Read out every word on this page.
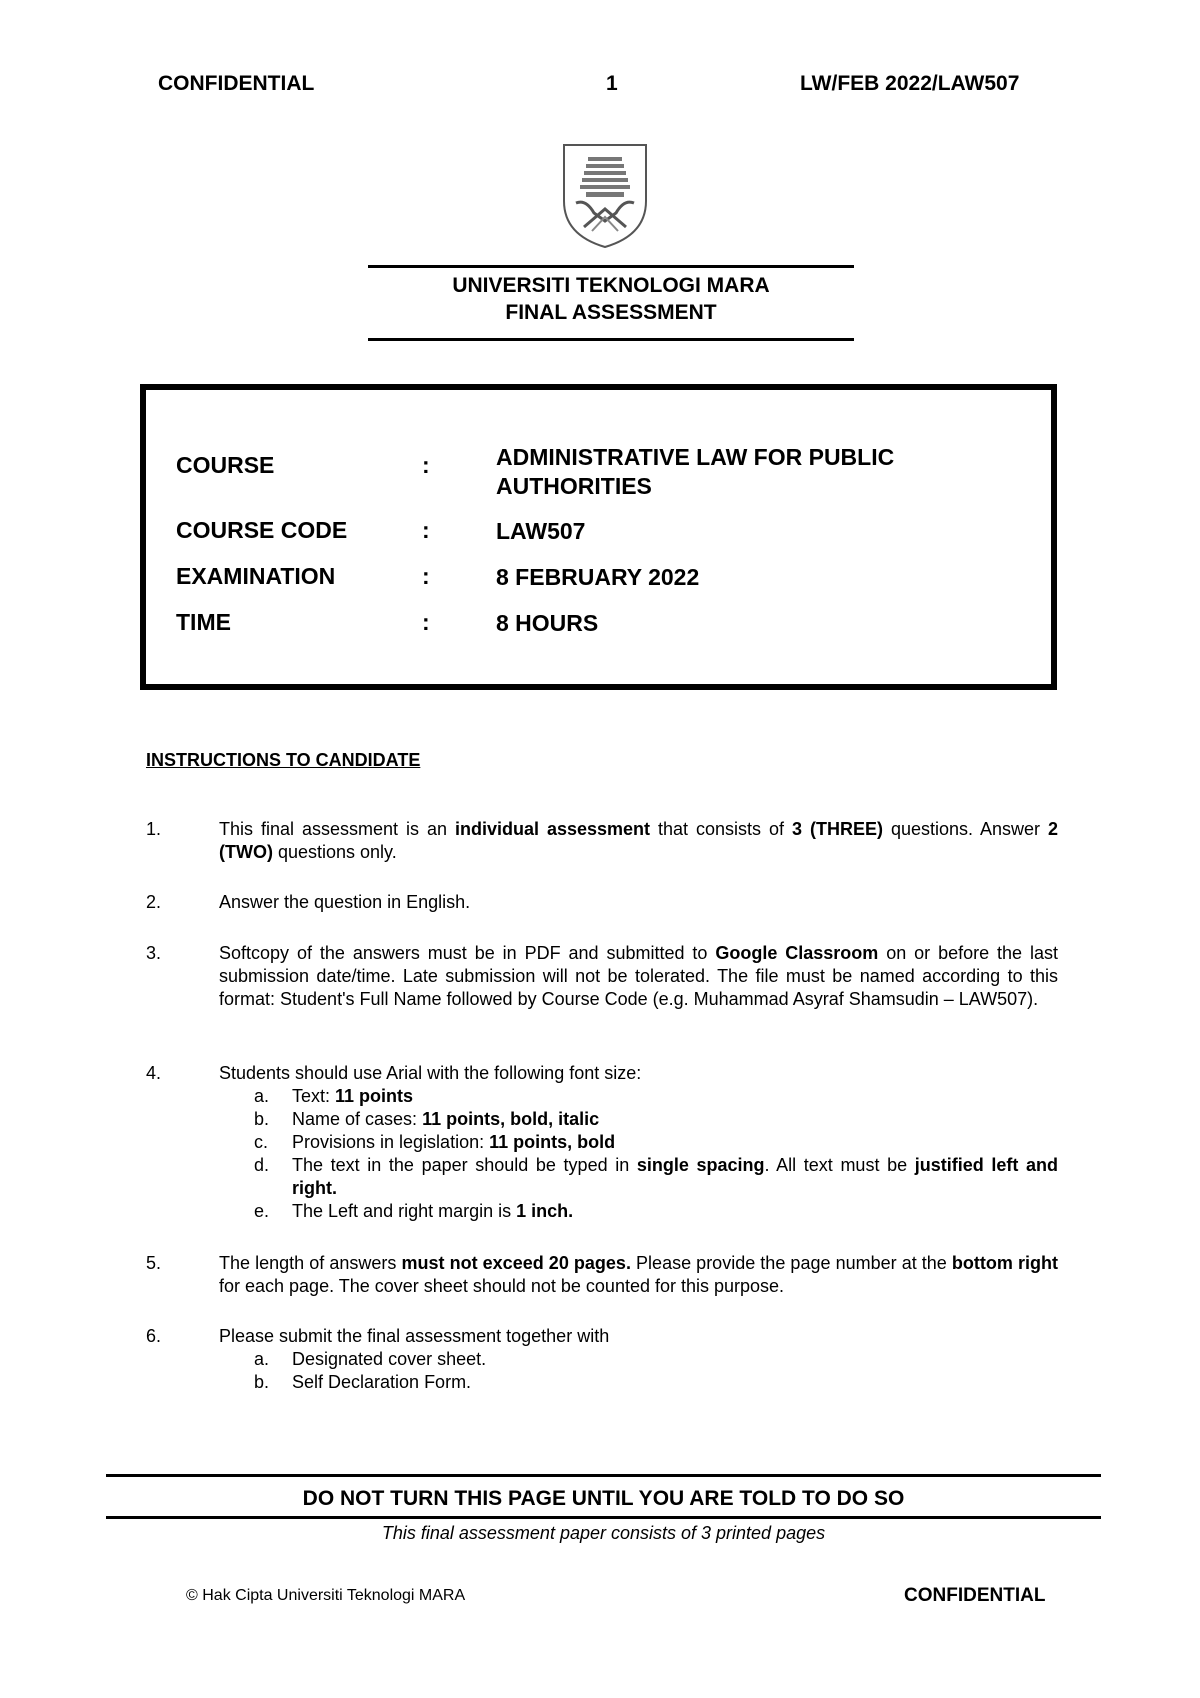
CONFIDENTIAL	1	LW/FEB 2022/LAW507
UNIVERSITI TEKNOLOGI MARA
FINAL ASSESSMENT
COURSE	:	ADMINISTRATIVE LAW FOR PUBLIC AUTHORITIES
COURSE CODE	:	LAW507
EXAMINATION	:	8 FEBRUARY 2022
TIME	:	8 HOURS
INSTRUCTIONS TO CANDIDATE
1.	This final assessment is an individual assessment that consists of 3 (THREE) questions. Answer 2 (TWO) questions only.
2.	Answer the question in English.
3.	Softcopy of the answers must be in PDF and submitted to Google Classroom on or before the last submission date/time. Late submission will not be tolerated. The file must be named according to this format: Student's Full Name followed by Course Code (e.g. Muhammad Asyraf Shamsudin – LAW507).
4.	Students should use Arial with the following font size:
a. Text: 11 points
b. Name of cases: 11 points, bold, italic
c. Provisions in legislation: 11 points, bold
d. The text in the paper should be typed in single spacing. All text must be justified left and right.
e. The Left and right margin is 1 inch.
5.	The length of answers must not exceed 20 pages. Please provide the page number at the bottom right for each page. The cover sheet should not be counted for this purpose.
6.	Please submit the final assessment together with
a. Designated cover sheet.
b. Self Declaration Form.
DO NOT TURN THIS PAGE UNTIL YOU ARE TOLD TO DO SO
This final assessment paper consists of 3 printed pages
© Hak Cipta Universiti Teknologi MARA	CONFIDENTIAL
